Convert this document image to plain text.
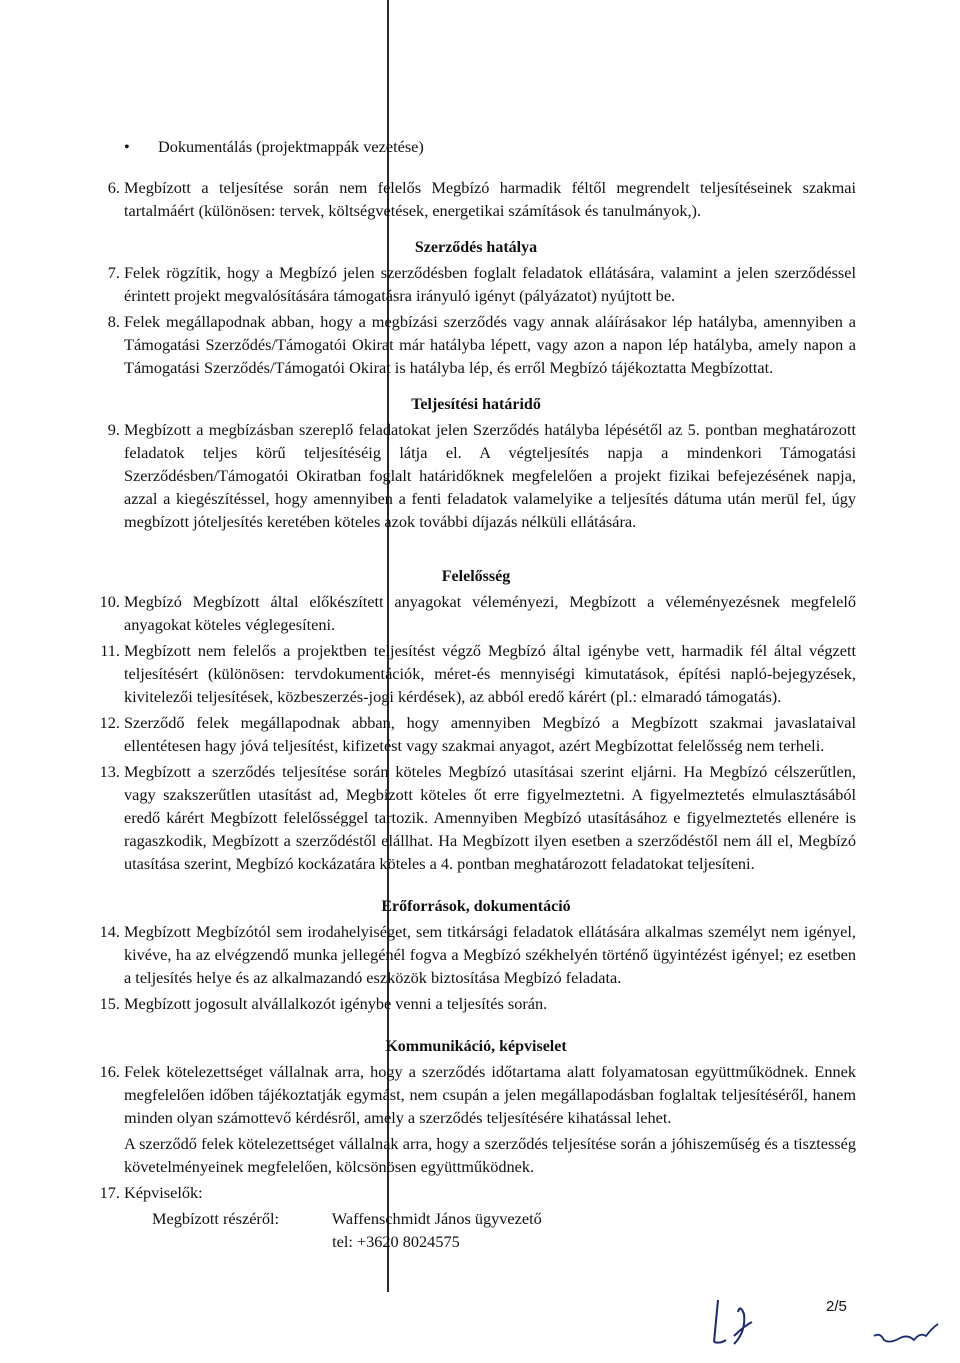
• Dokumentálás (projektmappák vezetése)
6. Megbízott a teljesítése során nem felelős Megbízó harmadik féltől megrendelt teljesítéseinek szakmai tartalmáért (különösen: tervek, költségvetések, energetikai számítások és tanulmányok,).
Szerződés hatálya
7. Felek rögzítik, hogy a Megbízó jelen szerződésben foglalt feladatok ellátására, valamint a jelen szerződéssel érintett projekt megvalósítására támogatásra irányuló igényt (pályázatot) nyújtott be.
8. Felek megállapodnak abban, hogy a megbízási szerződés vagy annak aláírásakor lép hatályba, amennyiben a Támogatási Szerződés/Támogatói Okirat már hatályba lépett, vagy azon a napon lép hatályba, amely napon a Támogatási Szerződés/Támogatói Okirat is hatályba lép, és erről Megbízó tájékoztatta Megbízottat.
Teljesítési határidő
9. Megbízott a megbízásban szereplő feladatokat jelen Szerződés hatályba lépésétől az 5. pontban meghatározott feladatok teljes körű teljesítéséig látja el. A végteljesítés napja a mindenkori Támogatási Szerződésben/Támogatói Okiratban foglalt határidőknek megfelelően a projekt fizikai befejezésének napja, azzal a kiegészítéssel, hogy amennyiben a fenti feladatok valamelyike a teljesítés dátuma után merül fel, úgy megbízott jóteljesítés keretében köteles azok további díjazás nélküli ellátására.
Felelősség
10. Megbízó Megbízott által előkészített anyagokat véleményezi, Megbízott a véleményezésnek megfelelő anyagokat köteles véglegesíteni.
11. Megbízott nem felelős a projektben teljesítést végző Megbízó által igénybe vett, harmadik fél által végzett teljesítésért (különösen: tervdokumentációk, méret-és mennyiségi kimutatások, építési napló-bejegyzések, kivitelezői teljesítések, közbeszerzés-jogi kérdések), az abból eredő kárért (pl.: elmaradó támogatás).
12. Szerződő felek megállapodnak abban, hogy amennyiben Megbízó a Megbízott szakmai javaslataival ellentétesen hagy jóvá teljesítést, kifizetést vagy szakmai anyagot, azért Megbízottat felelősség nem terheli.
13. Megbízott a szerződés teljesítése során köteles Megbízó utasításai szerint eljárni. Ha Megbízó célszerűtlen, vagy szakszerűtlen utasítást ad, Megbízott köteles őt erre figyelmeztetni. A figyelmeztetés elmulasztásából eredő kárért Megbízott felelősséggel tartozik. Amennyiben Megbízó utasításához e figyelmeztetés ellenére is ragaszkodik, Megbízott a szerződéstől elállhat. Ha Megbízott ilyen esetben a szerződéstől nem áll el, Megbízó utasítása szerint, Megbízó kockázatára köteles a 4. pontban meghatározott feladatokat teljesíteni.
Erőforrások, dokumentáció
14. Megbízott Megbízótól sem irodahelyiséget, sem titkársági feladatok ellátására alkalmas személyt nem igényel, kivéve, ha az elvégzendő munka jellegénél fogva a Megbízó székhelyén történő ügyintézést igényel; ez esetben a teljesítés helye és az alkalmazandó eszközök biztosítása Megbízó feladata.
15. Megbízott jogosult alvállalkozót igénybe venni a teljesítés során.
Kommunikáció, képviselet
16. Felek kötelezettséget vállalnak arra, hogy a szerződés időtartama alatt folyamatosan együttműködnek. Ennek megfelelően időben tájékoztatják egymást, nem csupán a jelen megállapodásban foglaltak teljesítéséről, hanem minden olyan számottevő kérdésről, amely a szerződés teljesítésére kihatással lehet.
A szerződő felek kötelezettséget vállalnak arra, hogy a szerződés teljesítése során a jóhiszeműség és a tisztesség követelményeinek megfelelően, kölcsönösen együttműködnek.
17. Képviselők:
Megbízott részéről:	Waffenschmidt János ügyvezető
tel: +3620 8024575
2/5
